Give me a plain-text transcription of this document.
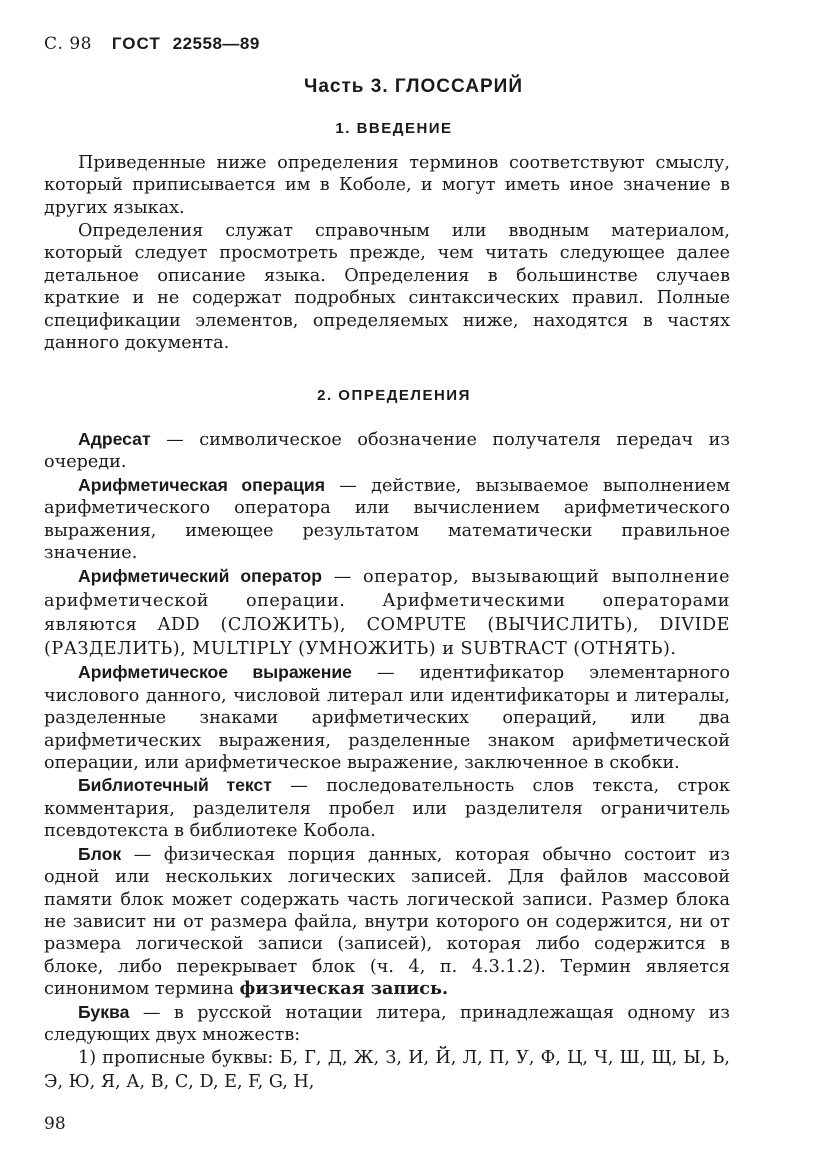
С. 98 ГОСТ 22558—89
Часть 3. ГЛОССАРИЙ
1. ВВЕДЕНИЕ

Приведенные ниже определения терминов соответствуют смыслу, который приписывается им в Коболе, и могут иметь иное значение в других языках.

Определения служат справочным или вводным материалом, который следует просмотреть прежде, чем читать следующее далее детальное описание языка. Определения в большинстве случаев краткие и не содержат подробных синтаксических правил. Полные спецификации элементов, определяемых ниже, находятся в частях данного документа.

2. ОПРЕДЕЛЕНИЯ

Адресат — символическое обозначение получателя передач из очереди.

Арифметическая операция — действие, вызываемое выполнением арифметического оператора или вычислением арифметического выражения, имеющее результатом математически правильное значение.

Арифметический оператор — оператор, вызывающий выполнение арифметической операции. Арифметическими операторами являются ADD (СЛОЖИТЬ), COMPUTE (ВЫЧИСЛИТЬ), DIVIDE (РАЗДЕЛИТЬ), MULTIPLY (УМНОЖИТЬ) и SUBTRACT (ОТНЯТЬ).

Арифметическое выражение — идентификатор элементарного числового данного, числовой литерал или идентификаторы и литералы, разделенные знаками арифметических операций, или два арифметических выражения, разделенные знаком арифметической операции, или арифметическое выражение, заключенное в скобки.

Библиотечный текст — последовательность слов текста, строк комментария, разделителя пробел или разделителя ограничитель псевдотекста в библиотеке Кобола.

Блок — физическая порция данных, которая обычно состоит из одной или нескольких логических записей. Для файлов массовой памяти блок может содержать часть логической записи. Размер блока не зависит ни от размера файла, внутри которого он содержится, ни от размера логической записи (записей), которая либо содержится в блоке, либо перекрывает блок (ч. 4, п. 4.3.1.2). Термин является синонимом термина физическая запись.

Буква — в русской нотации литера, принадлежащая одному из следующих двух множеств:

1) прописные буквы: Б, Г, Д, Ж, З, И, Й, Л, П, У, Ф, Ц, Ч, Ш, Щ, Ы, Ь, Э, Ю, Я, А, В, С, D, E, F, G, H,

98
